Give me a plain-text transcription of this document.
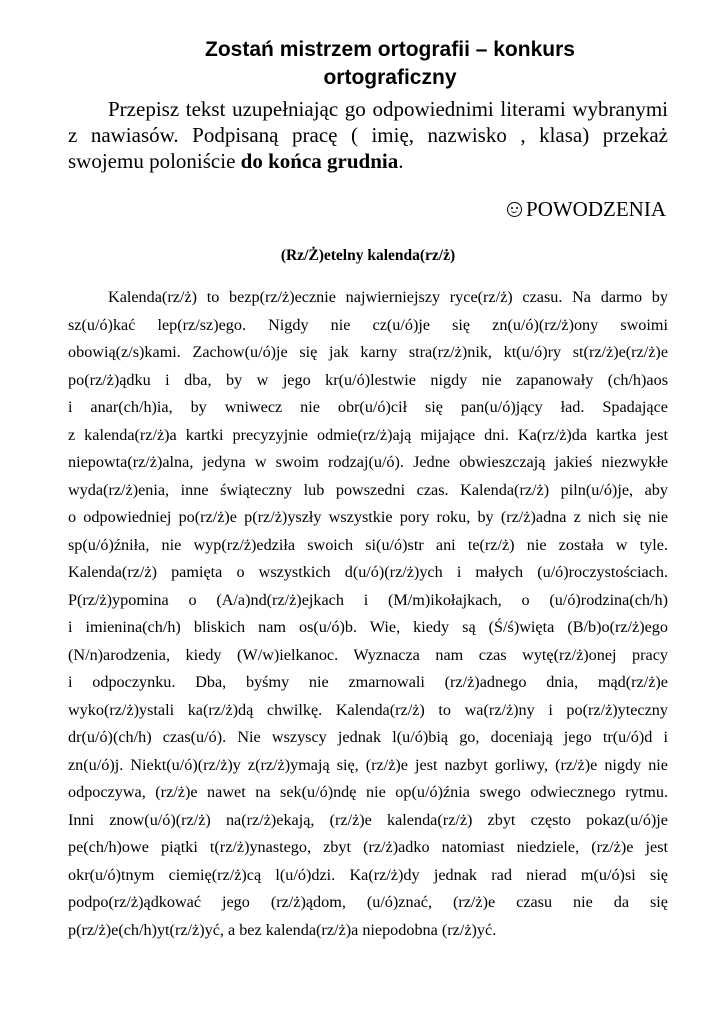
Zostań mistrzem ortografii – konkurs ortograficzny
Przepisz tekst uzupełniając go odpowiednimi literami wybranymi z nawiasów. Podpisaną pracę ( imię, nazwisko , klasa) przekaż swojemu poloniście do końca grudnia.
POWODZENIA
(Rz/Ż)etelny kalenda(rz/ż)
Kalenda(rz/ż) to bezp(rz/ż)ecznie najwierniejszy ryce(rz/ż) czasu. Na darmo by
sz(u/ó)kać lep(rz/sz)ego. Nigdy nie cz(u/ó)je się zn(u/ó)(rz/ż)ony swoimi
obowią(z/s)kami. Zachow(u/ó)je się jak karny stra(rz/ż)nik, kt(u/ó)ry st(rz/ż)e(rz/ż)e
po(rz/ż)ądku i dba, by w jego kr(u/ó)lestwie nigdy nie zapanowały (ch/h)aos
i anar(ch/h)ia, by wniwecz nie obr(u/ó)cił się pan(u/ó)jący ład. Spadające
z kalenda(rz/ż)a kartki precyzyjnie odmie(rz/ż)ają mijające dni. Ka(rz/ż)da kartka jest
niepowta(rz/ż)alna, jedyna w swoim rodzaj(u/ó). Jedne obwieszczają jakieś niezwykłe
wyda(rz/ż)enia, inne świąteczny lub powszedni czas. Kalenda(rz/ż) piln(u/ó)je, aby
o odpowiedniej po(rz/ż)e p(rz/ż)yszły wszystkie pory roku, by (rz/ż)adna z nich się nie
sp(u/ó)źniła, nie wyp(rz/ż)edziła swoich si(u/ó)str ani te(rz/ż) nie została w tyle.
Kalenda(rz/ż) pamięta o wszystkich d(u/ó)(rz/ż)ych i małych (u/ó)roczystościach.
P(rz/ż)ypomina o (A/a)nd(rz/ż)ejkach i (M/m)ikołajkach, o (u/ó)rodzina(ch/h)
i imienina(ch/h) bliskich nam os(u/ó)b. Wie, kiedy są (Ś/ś)więta (B/b)o(rz/ż)ego
(N/n)arodzenia, kiedy (W/w)ielkanoc. Wyznacza nam czas wytę(rz/ż)onej pracy
i odpoczynku. Dba, byśmy nie zmarnowali (rz/ż)adnego dnia, mąd(rz/ż)e
wyko(rz/ż)ystali ka(rz/ż)dą chwilkę. Kalenda(rz/ż) to wa(rz/ż)ny i po(rz/ż)yteczny
dr(u/ó)(ch/h) czas(u/ó). Nie wszyscy jednak l(u/ó)bią go, doceniają jego tr(u/ó)d i
zn(u/ó)j. Niekt(u/ó)(rz/ż)y z(rz/ż)ymają się, (rz/ż)e jest nazbyt gorliwy, (rz/ż)e nigdy nie
odpoczywa, (rz/ż)e nawet na sek(u/ó)ndę nie op(u/ó)źnia swego odwiecznego rytmu.
Inni znow(u/ó)(rz/ż) na(rz/ż)ekają, (rz/ż)e kalenda(rz/ż) zbyt często pokaz(u/ó)je
pe(ch/h)owe piątki t(rz/ż)ynastego, zbyt (rz/ż)adko natomiast niedziele, (rz/ż)e jest
okr(u/ó)tnym ciemię(rz/ż)cą l(u/ó)dzi. Ka(rz/ż)dy jednak rad nierad m(u/ó)si się
podpo(rz/ż)ądkować jego (rz/ż)ądom, (u/ó)znać, (rz/ż)e czasu nie da się
p(rz/ż)e(ch/h)yt(rz/ż)yć, a bez kalenda(rz/ż)a niepodobna (rz/ż)yć.
